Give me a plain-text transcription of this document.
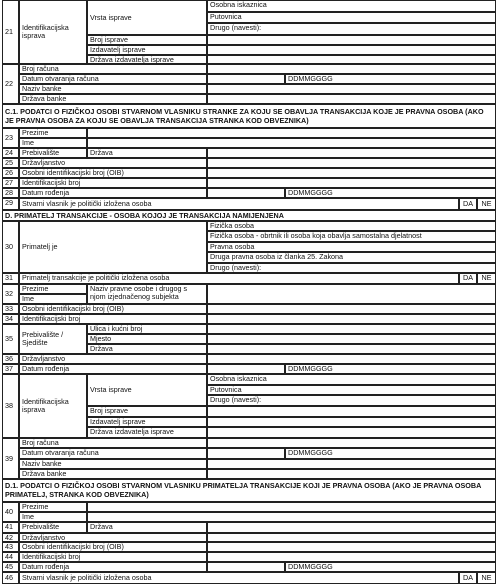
21	Identifikacijska isprava
Vrsta isprave
Osobna iskaznica
Putovnica
Drugo (navesti):
Broj isprave
Izdavatelj isprave
Država izdavatelja isprave
22
Broj računa
Datum otvaranja računa	DDMMGGGG
Naziv banke
Država banke
C.1. PODATCI O FIZIČKOJ OSOBI STVARNOM VLASNIKU STRANKE ZA KOJU SE OBAVLJA TRANSAKCIJA KOJE JE PRAVNA OSOBA (AKO JE PRAVNA OSOBA ZA KOJU SE OBAVLJA TRANSAKCIJA STRANKA KOD OBVEZNIKA)
23
Prezime
Ime
24	Prebivalište	Država
25	Državljanstvo
26	Osobni identifikacijski broj (OIB)
27	Identifikacijski broj
28	Datum rođenja	DDMMGGGG
29	Stvarni vlasnik je politički izložena osoba	DA	NE
D. PRIMATELJ TRANSAKCIJE - OSOBA KOJOJ JE TRANSAKCIJA NAMIJENJENA
30	Primatelj je
Fizička osoba
Fizička osoba - obrtnik ili osoba koja obavlja samostalna djelatnost
Pravna osoba
Druga pravna osoba iz članka 25. Zakona
Drugo (navesti):
31	Primatelj transakcije je politički izložena osoba	DA	NE
32
Prezime
Ime
Naziv pravne osobe i drugog s njom izjednačenog subjekta
33	Osobni identifikacijski broj (OIB)
34	Identifikacijski broj
35	Prebivalište / Sjedište
Ulica i kućni broj
Mjesto
Država
36	Državljanstvo
37	Datum rođenja	DDMMGGGG
38	Identifikacijska isprava
Vrsta isprave
Osobna iskaznica
Putovnica
Drugo (navesti):
Broj isprave
Izdavatelj isprave
Država izdavatelja isprave
39
Broj računa
Datum otvaranja računa	DDMMGGGG
Naziv banke
Država banke
D.1. PODATCI O FIZIČKOJ OSOBI STVARNOM VLASNIKU PRIMATELJA TRANSAKCIJE KOJI JE PRAVNA OSOBA (AKO JE PRAVNA OSOBA PRIMATELJ, STRANKA KOD OBVEZNIKA)
40
Prezime
Ime
41	Prebivalište	Država
42	Državljanstvo
43	Osobni identifikacijski broj (OIB)
44	Identifikacijski broj
45	Datum rođenja	DDMMGGGG
46	Stvarni vlasnik je politički izložena osoba	DA	NE
